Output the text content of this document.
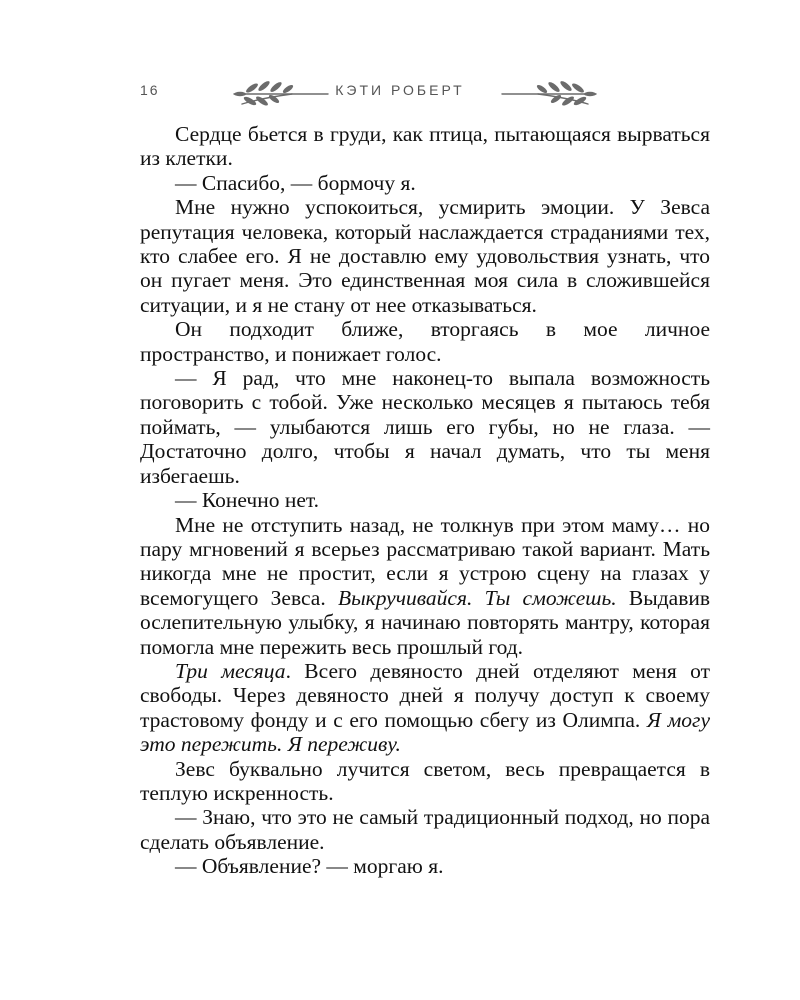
16	КЭТИ РОБЕРТ

Сердце бьется в груди, как птица, пытающаяся вырваться из клетки.

— Спасибо, — бормочу я.

Мне нужно успокоиться, усмирить эмоции. У Зевса репутация человека, который наслаждается страданиями тех, кто слабее его. Я не доставлю ему удовольствия узнать, что он пугает меня. Это единственная моя сила в сложившейся ситуации, и я не стану от нее отказываться.

Он подходит ближе, вторгаясь в мое личное пространство, и понижает голос.

— Я рад, что мне наконец-то выпала возможность поговорить с тобой. Уже несколько месяцев я пытаюсь тебя поймать, — улыбаются лишь его губы, но не глаза. — Достаточно долго, чтобы я начал думать, что ты меня избегаешь.

— Конечно нет.

Мне не отступить назад, не толкнув при этом маму… но пару мгновений я всерьез рассматриваю такой вариант. Мать никогда мне не простит, если я устрою сцену на глазах у всемогущего Зевса. Выкручивайся. Ты сможешь. Выдавив ослепительную улыбку, я начинаю повторять мантру, которая помогла мне пережить весь прошлый год.

Три месяца. Всего девяносто дней отделяют меня от свободы. Через девяносто дней я получу доступ к своему трастовому фонду и с его помощью сбегу из Олимпа. Я могу это пережить. Я переживу.

Зевс буквально лучится светом, весь превращается в теплую искренность.

— Знаю, что это не самый традиционный подход, но пора сделать объявление.

— Объявление? — моргаю я.
